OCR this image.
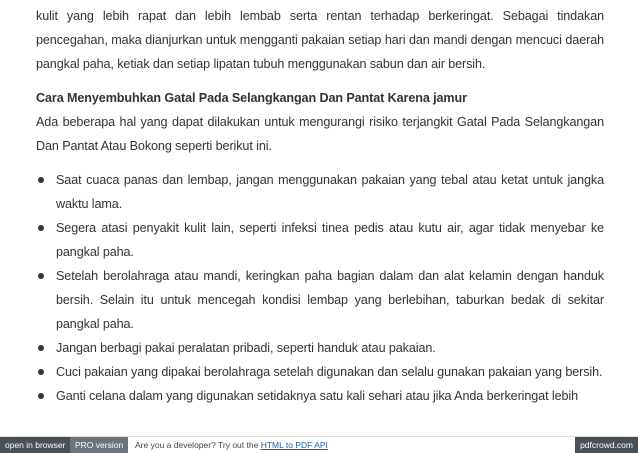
kulit yang lebih rapat dan lebih lembab serta rentan terhadap berkeringat. Sebagai tindakan pencegahan, maka dianjurkan untuk mengganti pakaian setiap hari dan mandi dengan mencuci daerah pangkal paha, ketiak dan setiap lipatan tubuh menggunakan sabun dan air bersih.

Cara Menyembuhkan Gatal Pada Selangkangan Dan Pantat Karena jamur

Ada beberapa hal yang dapat dilakukan untuk mengurangi risiko terjangkit Gatal Pada Selangkangan Dan Pantat Atau Bokong seperti berikut ini.

Saat cuaca panas dan lembap, jangan menggunakan pakaian yang tebal atau ketat untuk jangka waktu lama.
Segera atasi penyakit kulit lain, seperti infeksi tinea pedis atau kutu air, agar tidak menyebar ke pangkal paha.
Setelah berolahraga atau mandi, keringkan paha bagian dalam dan alat kelamin dengan handuk bersih. Selain itu untuk mencegah kondisi lembap yang berlebihan, taburkan bedak di sekitar pangkal paha.
Jangan berbagi pakai peralatan pribadi, seperti handuk atau pakaian.
Cuci pakaian yang dipakai berolahraga setelah digunakan dan selalu gunakan pakaian yang bersih.
Ganti celana dalam yang digunakan setidaknya satu kali sehari atau jika Anda berkeringat lebih
open in browser	PRO version	Are you a developer? Try out the HTML to PDF API	pdfcrowd.com
